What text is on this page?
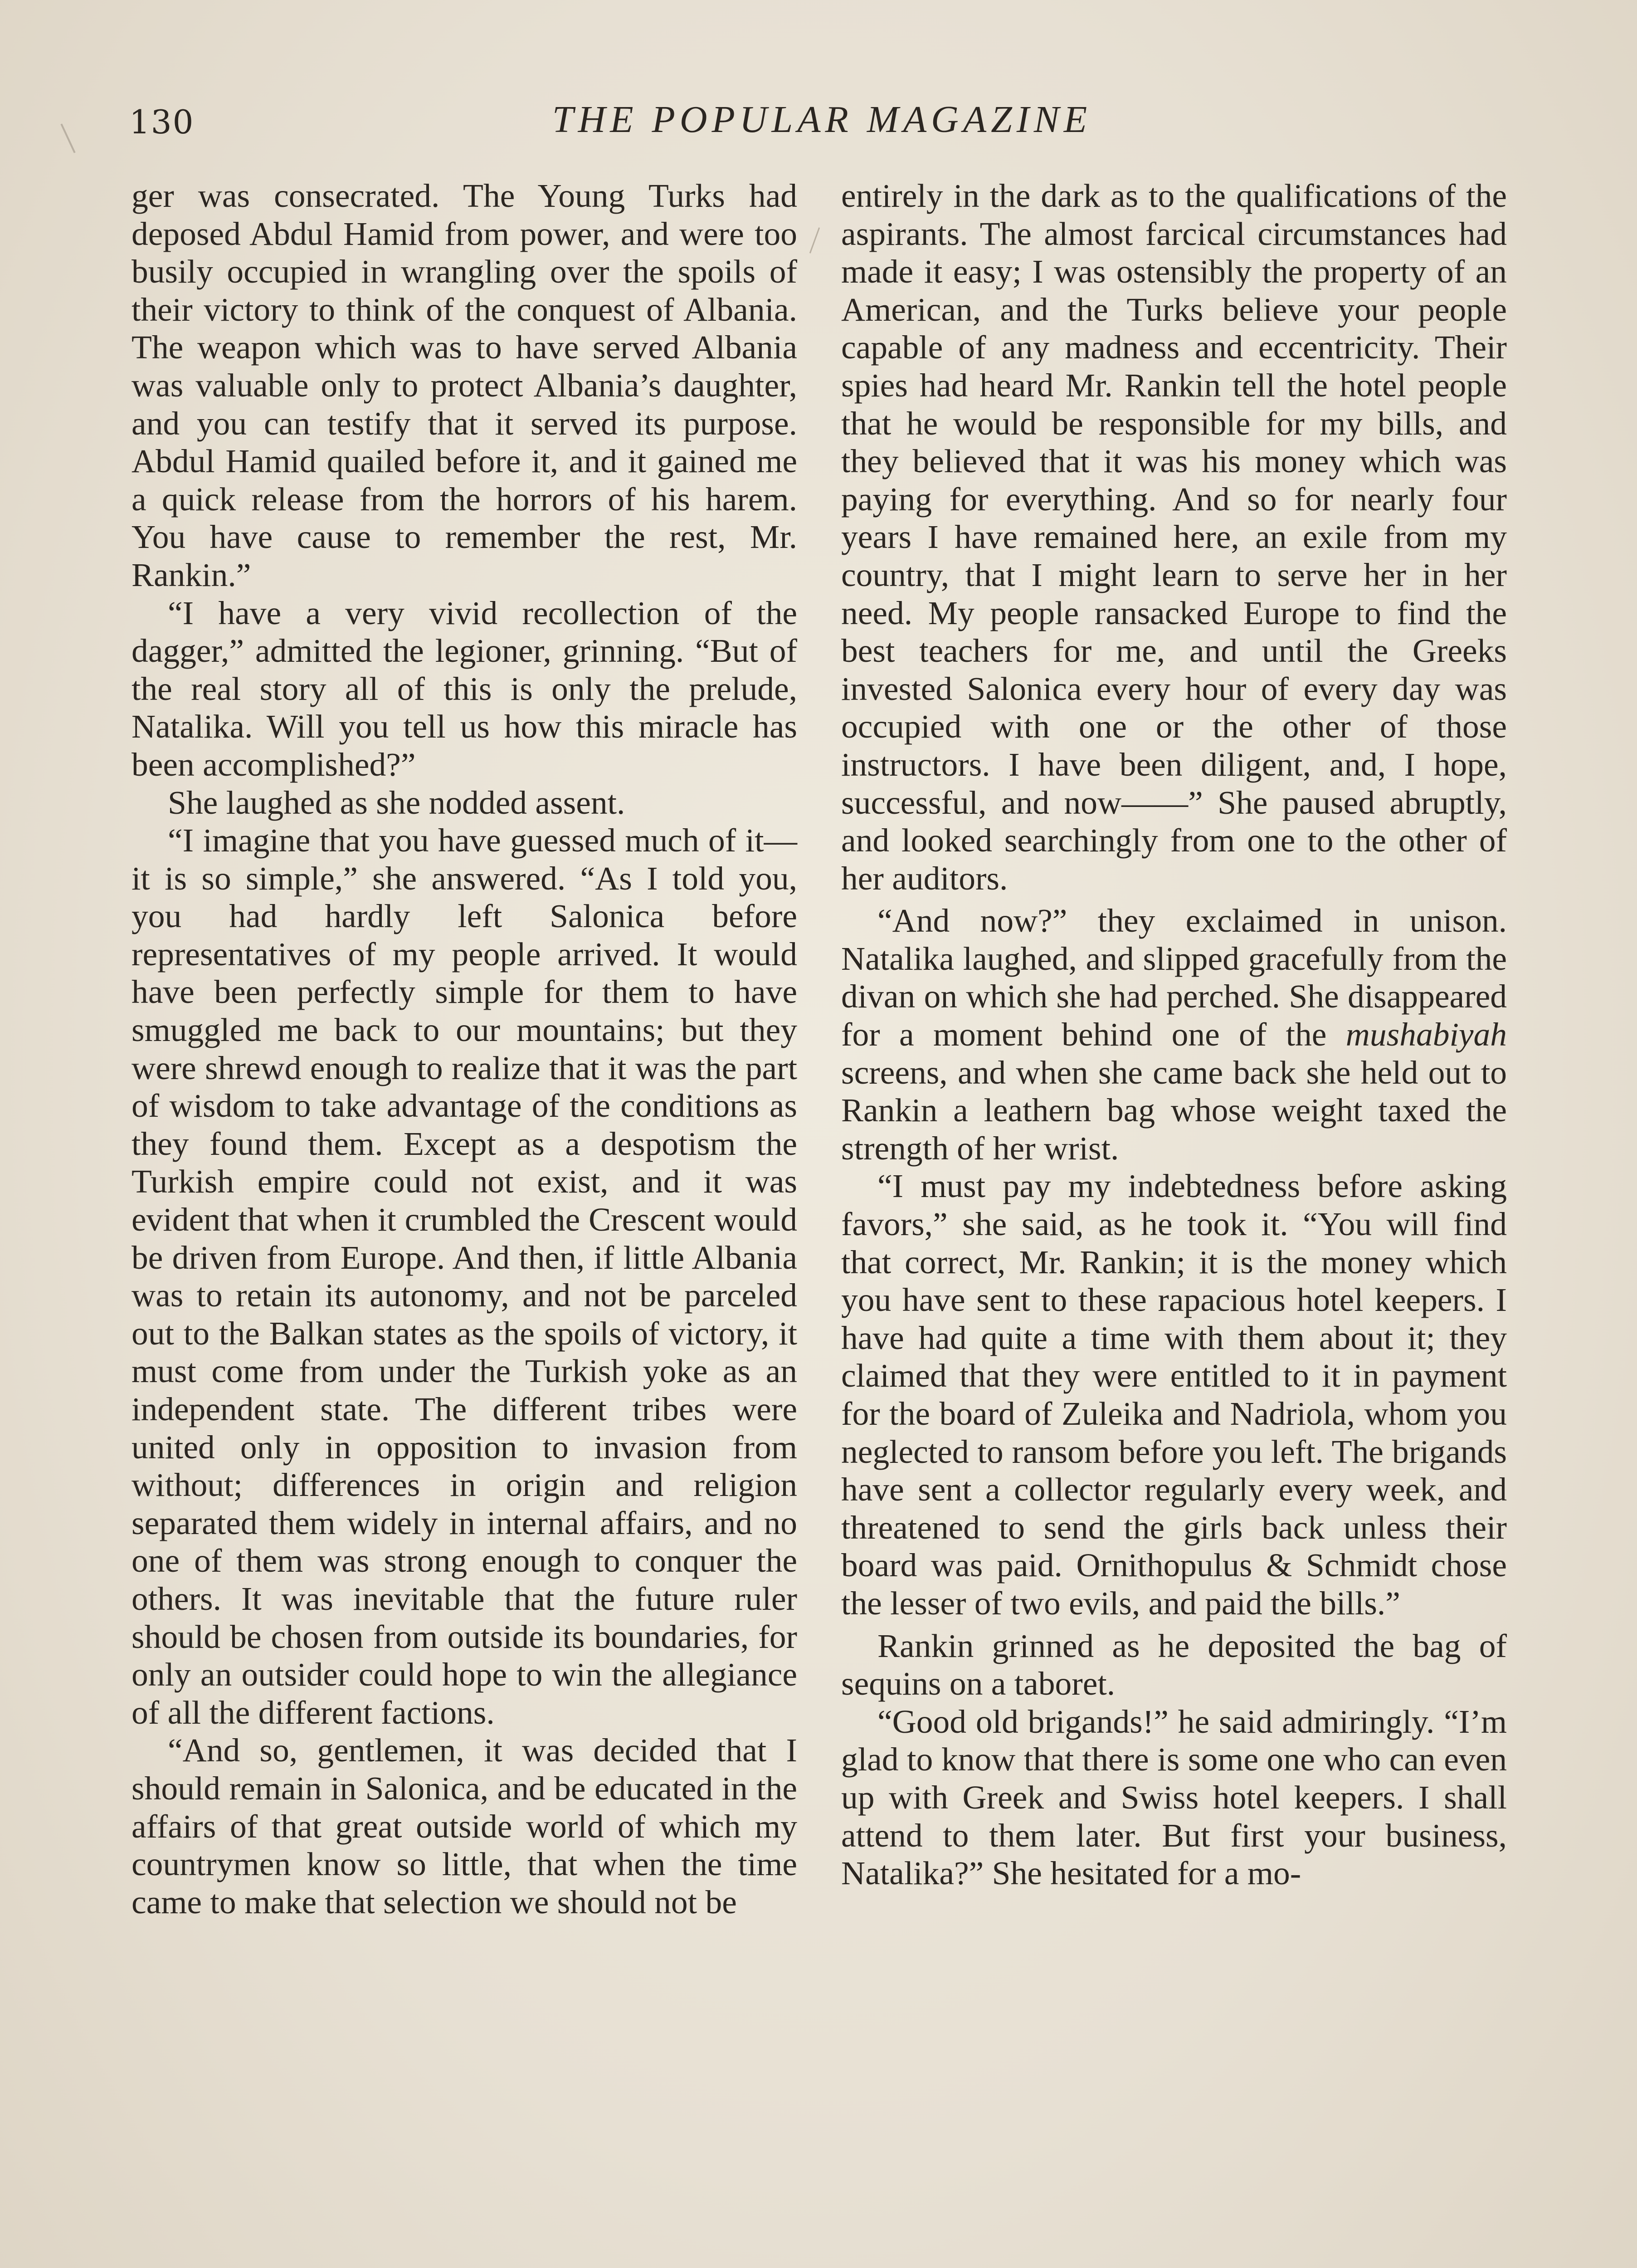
130	THE POPULAR MAGAZINE

ger was consecrated. The Young Turks had deposed Abdul Hamid from power, and were too busily occupied in wrangling over the spoils of their victory to think of the conquest of Albania. The weapon which was to have served Albania was valuable only to protect Albania’s daughter, and you can testify that it served its purpose. Abdul Hamid quailed before it, and it gained me a quick release from the horrors of his harem. You have cause to remember the rest, Mr. Rankin.”

“I have a very vivid recollection of the dagger,” admitted the legioner, grinning. “But of the real story all of this is only the prelude, Natalika. Will you tell us how this miracle has been accomplished?”

She laughed as she nodded assent.

“I imagine that you have guessed much of it—it is so simple,” she answered. “As I told you, you had hardly left Salonica before representatives of my people arrived. It would have been perfectly simple for them to have smuggled me back to our mountains; but they were shrewd enough to realize that it was the part of wisdom to take advantage of the conditions as they found them. Except as a despotism the Turkish empire could not exist, and it was evident that when it crumbled the Crescent would be driven from Europe. And then, if little Albania was to retain its autonomy, and not be parceled out to the Balkan states as the spoils of victory, it must come from under the Turkish yoke as an independent state. The different tribes were united only in opposition to invasion from without; differences in origin and religion separated them widely in internal affairs, and no one of them was strong enough to conquer the others. It was inevitable that the future ruler should be chosen from outside its boundaries, for only an outsider could hope to win the allegiance of all the different factions.

“And so, gentlemen, it was decided that I should remain in Salonica, and be educated in the affairs of that great outside world of which my countrymen know so little, that when the time came to make that selection we should not be

entirely in the dark as to the qualifications of the aspirants. The almost farcical circumstances had made it easy; I was ostensibly the property of an American, and the Turks believe your people capable of any madness and eccentricity. Their spies had heard Mr. Rankin tell the hotel people that he would be responsible for my bills, and they believed that it was his money which was paying for everything. And so for nearly four years I have remained here, an exile from my country, that I might learn to serve her in her need. My people ransacked Europe to find the best teachers for me, and until the Greeks invested Salonica every hour of every day was occupied with one or the other of those instructors. I have been diligent, and, I hope, successful, and now——” She paused abruptly, and looked searchingly from one to the other of her auditors.

“And now?” they exclaimed in unison. Natalika laughed, and slipped gracefully from the divan on which she had perched. She disappeared for a moment behind one of the mushabiyah screens, and when she came back she held out to Rankin a leathern bag whose weight taxed the strength of her wrist.

“I must pay my indebtedness before asking favors,” she said, as he took it. “You will find that correct, Mr. Rankin; it is the money which you have sent to these rapacious hotel keepers. I have had quite a time with them about it; they claimed that they were entitled to it in payment for the board of Zuleika and Nadriola, whom you neglected to ransom before you left. The brigands have sent a collector regularly every week, and threatened to send the girls back unless their board was paid. Ornithopulus & Schmidt chose the lesser of two evils, and paid the bills.”

Rankin grinned as he deposited the bag of sequins on a taboret.

“Good old brigands!” he said admiringly. “I’m glad to know that there is some one who can even up with Greek and Swiss hotel keepers. I shall attend to them later. But first your business, Natalika?” She hesitated for a mo-
